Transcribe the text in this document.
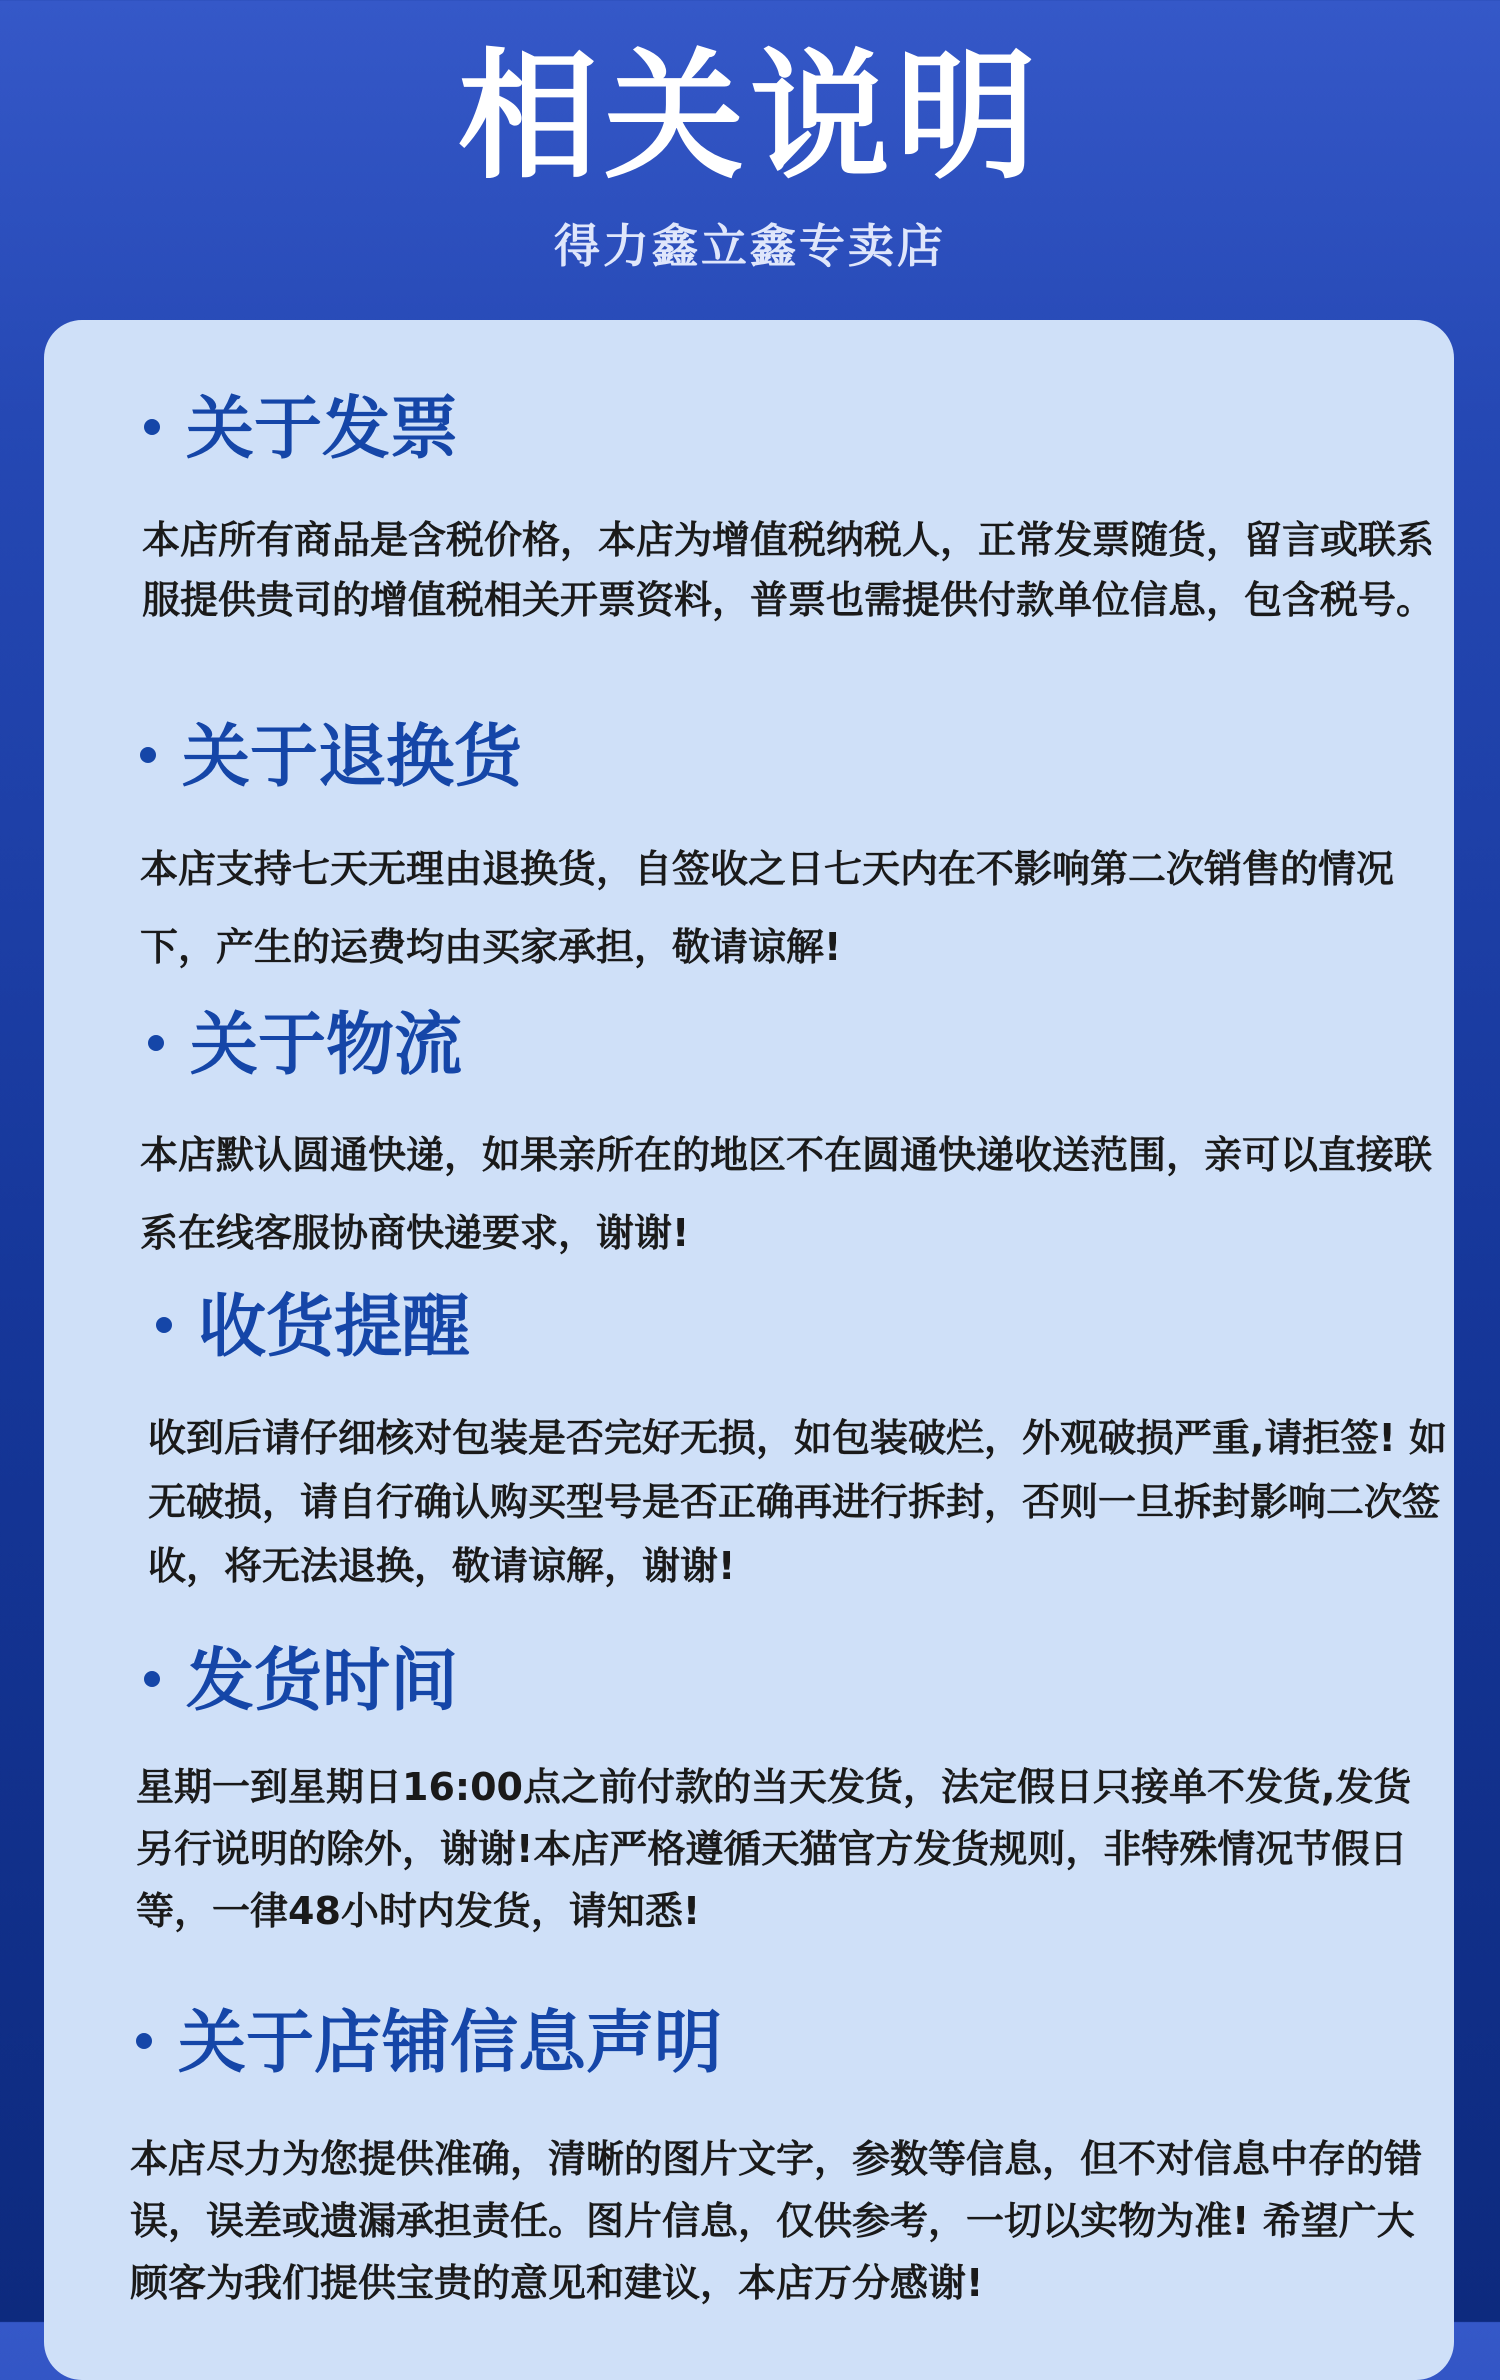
相关说明
得力鑫立鑫专卖店
关于发票
本店所有商品是含税价格，本店为增值税纳税人，正常发票随货，留言或联系服提供贵司的增值税相关开票资料，普票也需提供付款单位信息，包含税号。
关于退换货
本店支持七天无理由退换货，自签收之日七天内在不影响第二次销售的情况下，产生的运费均由买家承担，敬请谅解!
关于物流
本店默认圆通快递，如果亲所在的地区不在圆通快递收送范围，亲可以直接联系在线客服协商快递要求，谢谢!
收货提醒
收到后请仔细核对包装是否完好无损，如包装破烂，外观破损严重,请拒签! 如无破损，请自行确认购买型号是否正确再进行拆封，否则一旦拆封影响二次签收，将无法退换，敬请谅解，谢谢!
发货时间
星期一到星期日16:00点之前付款的当天发货，法定假日只接单不发货,发货另行说明的除外，谢谢!本店严格遵循天猫官方发货规则，非特殊情况节假日等，一律48小时内发货，请知悉!
关于店铺信息声明
本店尽力为您提供准确，清晰的图片文字，参数等信息，但不对信息中存的错误，误差或遗漏承担责任。图片信息，仅供参考，一切以实物为准! 希望广大顾客为我们提供宝贵的意见和建议，本店万分感谢!
